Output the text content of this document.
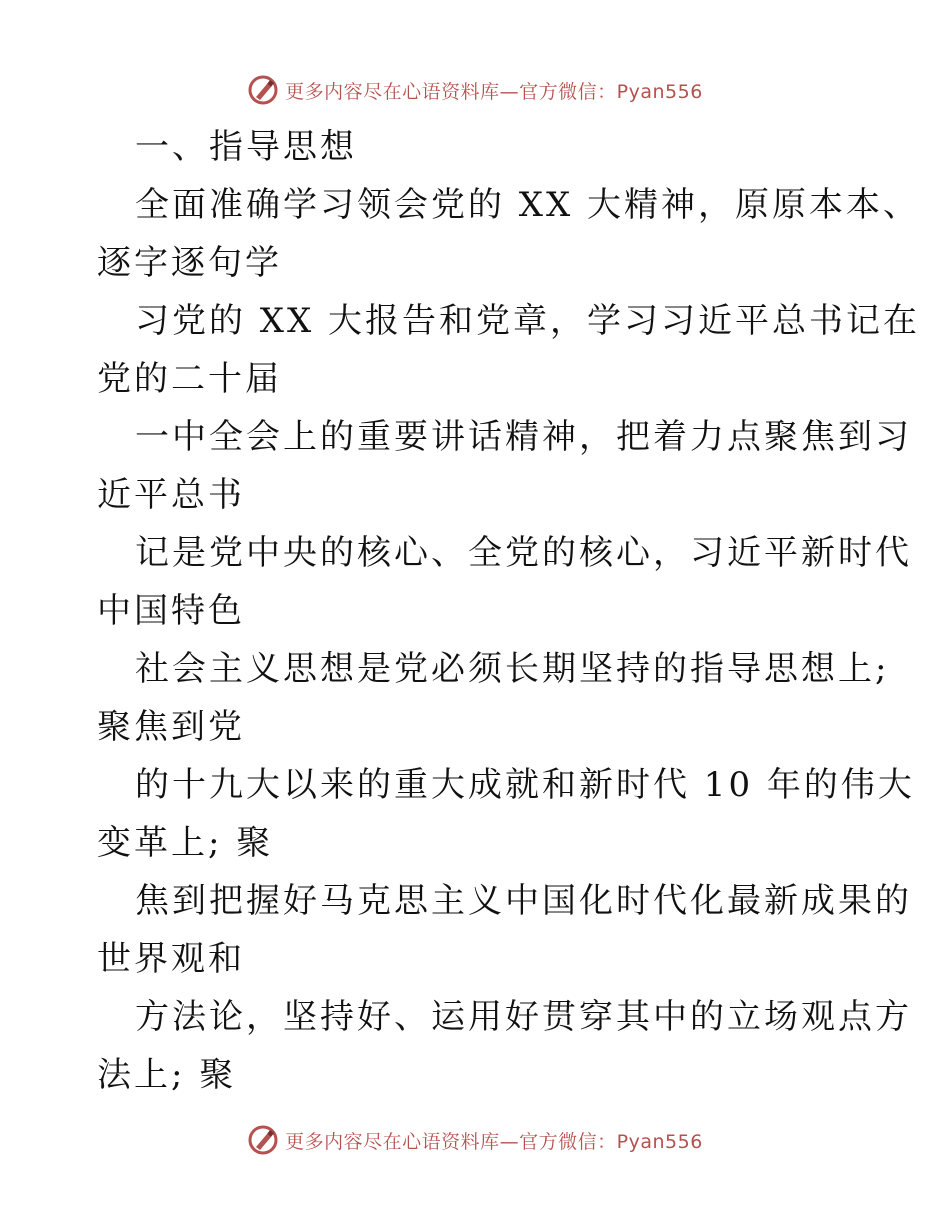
更多内容尽在心语资料库—官方微信：Pyan556
一、指导思想
全面准确学习领会党的 XX 大精神，原原本本、
逐字逐句学
习党的 XX 大报告和党章，学习习近平总书记在
党的二十届
一中全会上的重要讲话精神，把着力点聚焦到习
近平总书
记是党中央的核心、全党的核心，习近平新时代
中国特色
社会主义思想是党必须长期坚持的指导思想上;
聚焦到党
的十九大以来的重大成就和新时代 10 年的伟大
变革上; 聚
焦到把握好马克思主义中国化时代化最新成果的
世界观和
方法论，坚持好、运用好贯穿其中的立场观点方
法上; 聚
更多内容尽在心语资料库—官方微信：Pyan556
